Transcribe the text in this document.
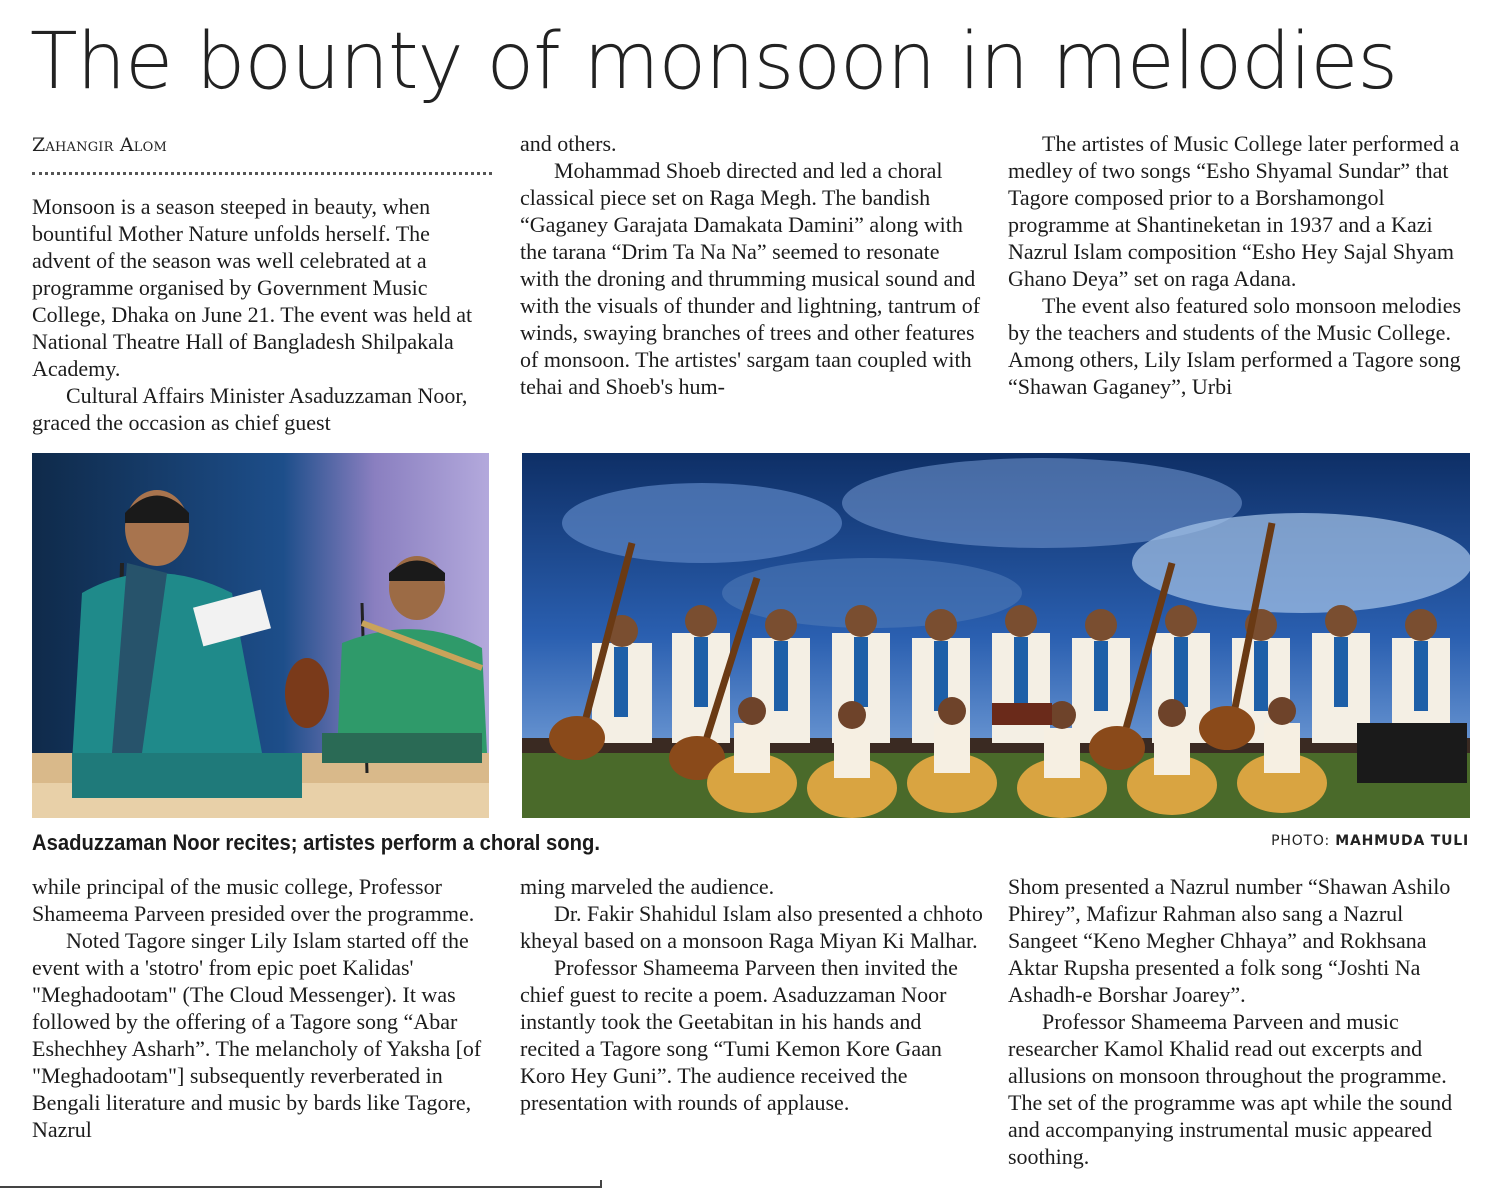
The bounty of monsoon in melodies
Zahangir Alom

Monsoon is a season steeped in beauty, when bountiful Mother Nature unfolds herself. The advent of the season was well celebrated at a programme organised by Government Music College, Dhaka on June 21. The event was held at National Theatre Hall of Bangladesh Shilpakala Academy.

Cultural Affairs Minister Asaduzzaman Noor, graced the occasion as chief guest

and others.

Mohammad Shoeb directed and led a choral classical piece set on Raga Megh. The bandish “Gaganey Garajata Damakata Damini” along with the tarana “Drim Ta Na Na” seemed to resonate with the droning and thrumming musical sound and with the visuals of thunder and lightning, tantrum of winds, swaying branches of trees and other features of monsoon. The artistes' sargam taan coupled with tehai and Shoeb's hum-

The artistes of Music College later performed a medley of two songs “Esho Shyamal Sundar” that Tagore composed prior to a Borshamongol programme at Shantineketan in 1937 and a Kazi Nazrul Islam composition “Esho Hey Sajal Shyam Ghano Deya” set on raga Adana.

The event also featured solo monsoon melodies by the teachers and students of the Music College. Among others, Lily Islam performed a Tagore song “Shawan Gaganey”, Urbi

Asaduzzaman Noor recites; artistes perform a choral song.	PHOTO: MAHMUDA TULI

while principal of the music college, Professor Shameema Parveen presided over the programme.

Noted Tagore singer Lily Islam started off the event with a 'stotro' from epic poet Kalidas' "Meghadootam" (The Cloud Messenger). It was followed by the offering of a Tagore song “Abar Eshechhey Asharh”. The melancholy of Yaksha [of "Meghadootam"] subsequently reverberated in Bengali literature and music by bards like Tagore, Nazrul

ming marveled the audience.

Dr. Fakir Shahidul Islam also presented a chhoto kheyal based on a monsoon Raga Miyan Ki Malhar.

Professor Shameema Parveen then invited the chief guest to recite a poem. Asaduzzaman Noor instantly took the Geetabitan in his hands and recited a Tagore song “Tumi Kemon Kore Gaan Koro Hey Guni”. The audience received the presentation with rounds of applause.

Shom presented a Nazrul number “Shawan Ashilo Phirey”, Mafizur Rahman also sang a Nazrul Sangeet “Keno Megher Chhaya” and Rokhsana Aktar Rupsha presented a folk song “Joshti Na Ashadh-e Borshar Joarey”.

Professor Shameema Parveen and music researcher Kamol Khalid read out excerpts and allusions on monsoon throughout the programme. The set of the programme was apt while the sound and accompanying instrumental music appeared soothing.
